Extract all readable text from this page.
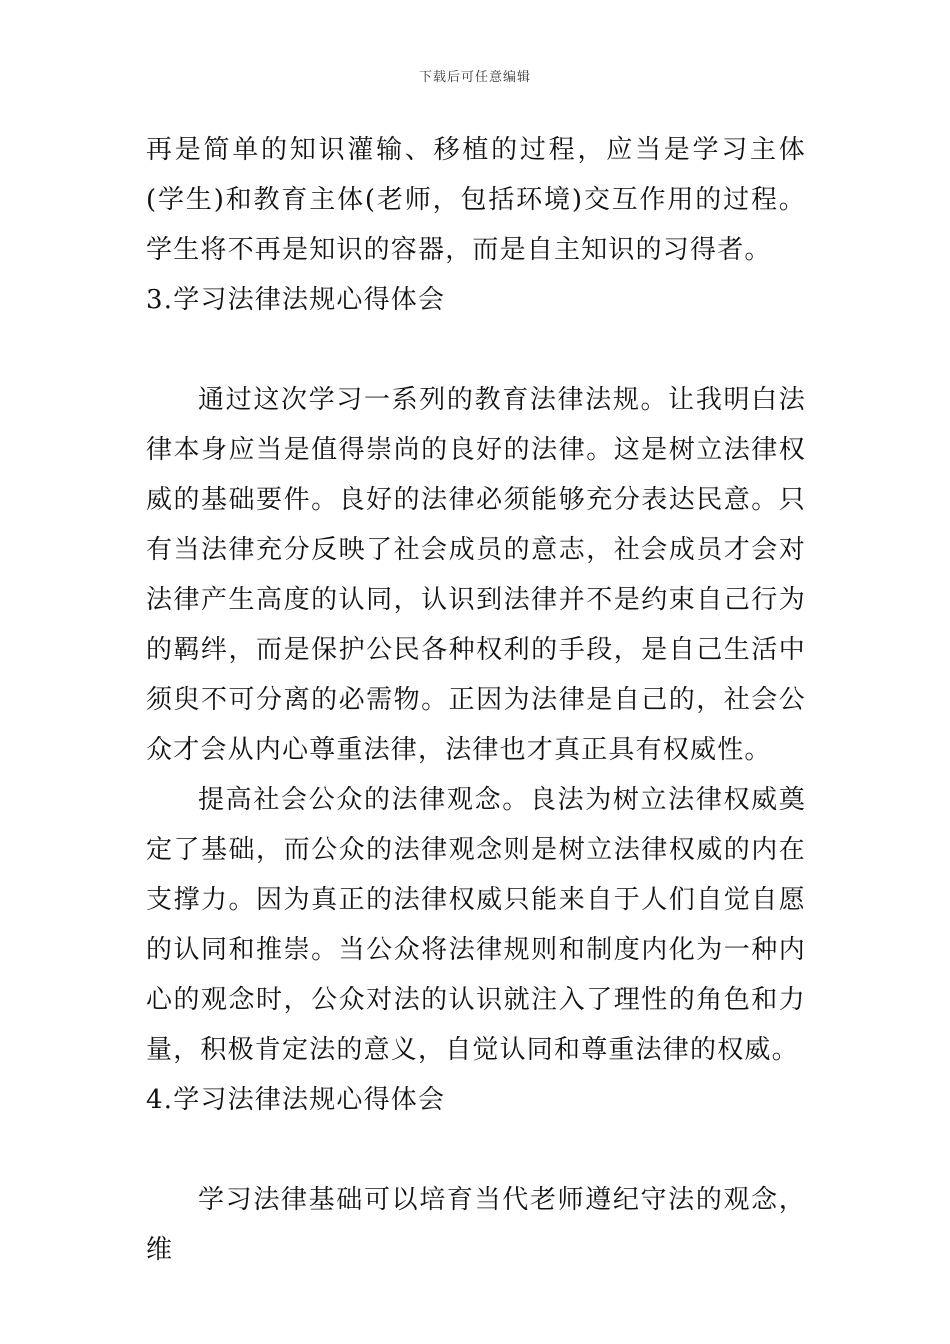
下载后可任意编辑

再是简单的知识灌输、移植的过程，应当是学习主体(学生)和教育主体(老师，包括环境)交互作用的过程。学生将不再是知识的容器，而是自主知识的习得者。

3.学习法律法规心得体会

通过这次学习一系列的教育法律法规。让我明白法律本身应当是值得崇尚的良好的法律。这是树立法律权威的基础要件。良好的法律必须能够充分表达民意。只有当法律充分反映了社会成员的意志，社会成员才会对法律产生高度的认同，认识到法律并不是约束自己行为的羁绊，而是保护公民各种权利的手段，是自己生活中须臾不可分离的必需物。正因为法律是自己的，社会公众才会从内心尊重法律，法律也才真正具有权威性。

提高社会公众的法律观念。良法为树立法律权威奠定了基础，而公众的法律观念则是树立法律权威的内在支撑力。因为真正的法律权威只能来自于人们自觉自愿的认同和推崇。当公众将法律规则和制度内化为一种内心的观念时，公众对法的认识就注入了理性的角色和力量，积极肯定法的意义，自觉认同和尊重法律的权威。

4.学习法律法规心得体会

学习法律基础可以培育当代老师遵纪守法的观念，维
